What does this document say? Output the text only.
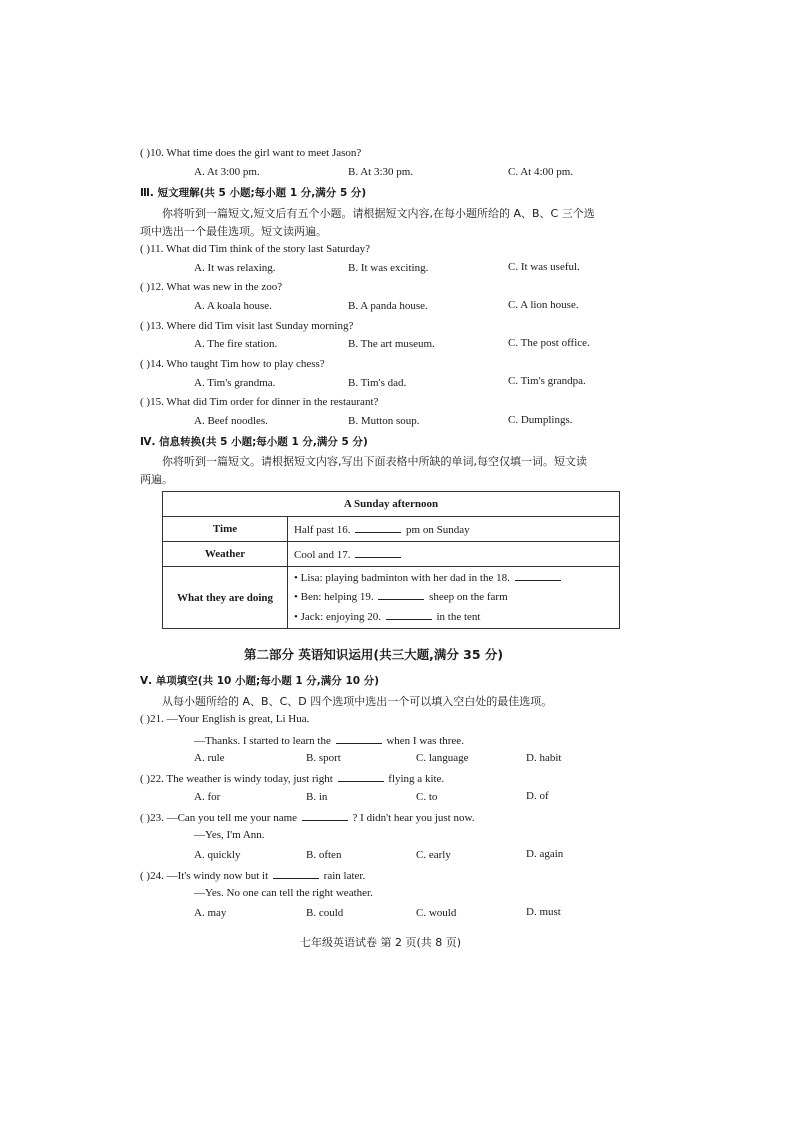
( )10. What time does the girl want to meet Jason?
A. At 3:00 pm.	B. At 3:30 pm.	C. At 4:00 pm.
Ⅲ. 短文理解(共 5 小题;每小题 1 分,满分 5 分)
你将听到一篇短文,短文后有五个小题。请根据短文内容,在每小题所给的 A、B、C 三个选
项中选出一个最佳选项。短文读两遍。
( )11. What did Tim think of the story last Saturday?
A. It was relaxing.	B. It was exciting.	C. It was useful.
( )12. What was new in the zoo?
A. A koala house.	B. A panda house.	C. A lion house.
( )13. Where did Tim visit last Sunday morning?
A. The fire station.	B. The art museum.	C. The post office.
( )14. Who taught Tim how to play chess?
A. Tim's grandma.	B. Tim's dad.	C. Tim's grandpa.
( )15. What did Tim order for dinner in the restaurant?
A. Beef noodles.	B. Mutton soup.	C. Dumplings.
Ⅳ. 信息转换(共 5 小题;每小题 1 分,满分 5 分)
你将听到一篇短文。请根据短文内容,写出下面表格中所缺的单词,每空仅填一词。短文读
两遍。
A Sunday afternoon	
Time	Half past 16. pm on Sunday
Weather	Cool and 17.
What they are doing	• Lisa: playing badminton with her dad in the 18.
• Ben: helping 19. sheep on the farm
• Jack: enjoying 20. in the tent
第二部分 英语知识运用(共三大题,满分 35 分)
Ⅴ. 单项填空(共 10 小题;每小题 1 分,满分 10 分)
从每小题所给的 A、B、C、D 四个选项中选出一个可以填入空白处的最佳选项。
( )21. —Your English is great, Li Hua.
—Thanks. I started to learn the	when I was three.
A. rule	B. sport	C. language	D. habit
( )22. The weather is windy today, just right	flying a kite.
A. for	B. in	C. to	D. of
( )23. —Can you tell me your name	? I didn't hear you just now.
—Yes, I'm Ann.
A. quickly	B. often	C. early	D. again
( )24. —It's windy now but it	rain later.
—Yes. No one can tell the right weather.
A. may	B. could	C. would	D. must
七年级英语试卷 第 2 页(共 8 页)
